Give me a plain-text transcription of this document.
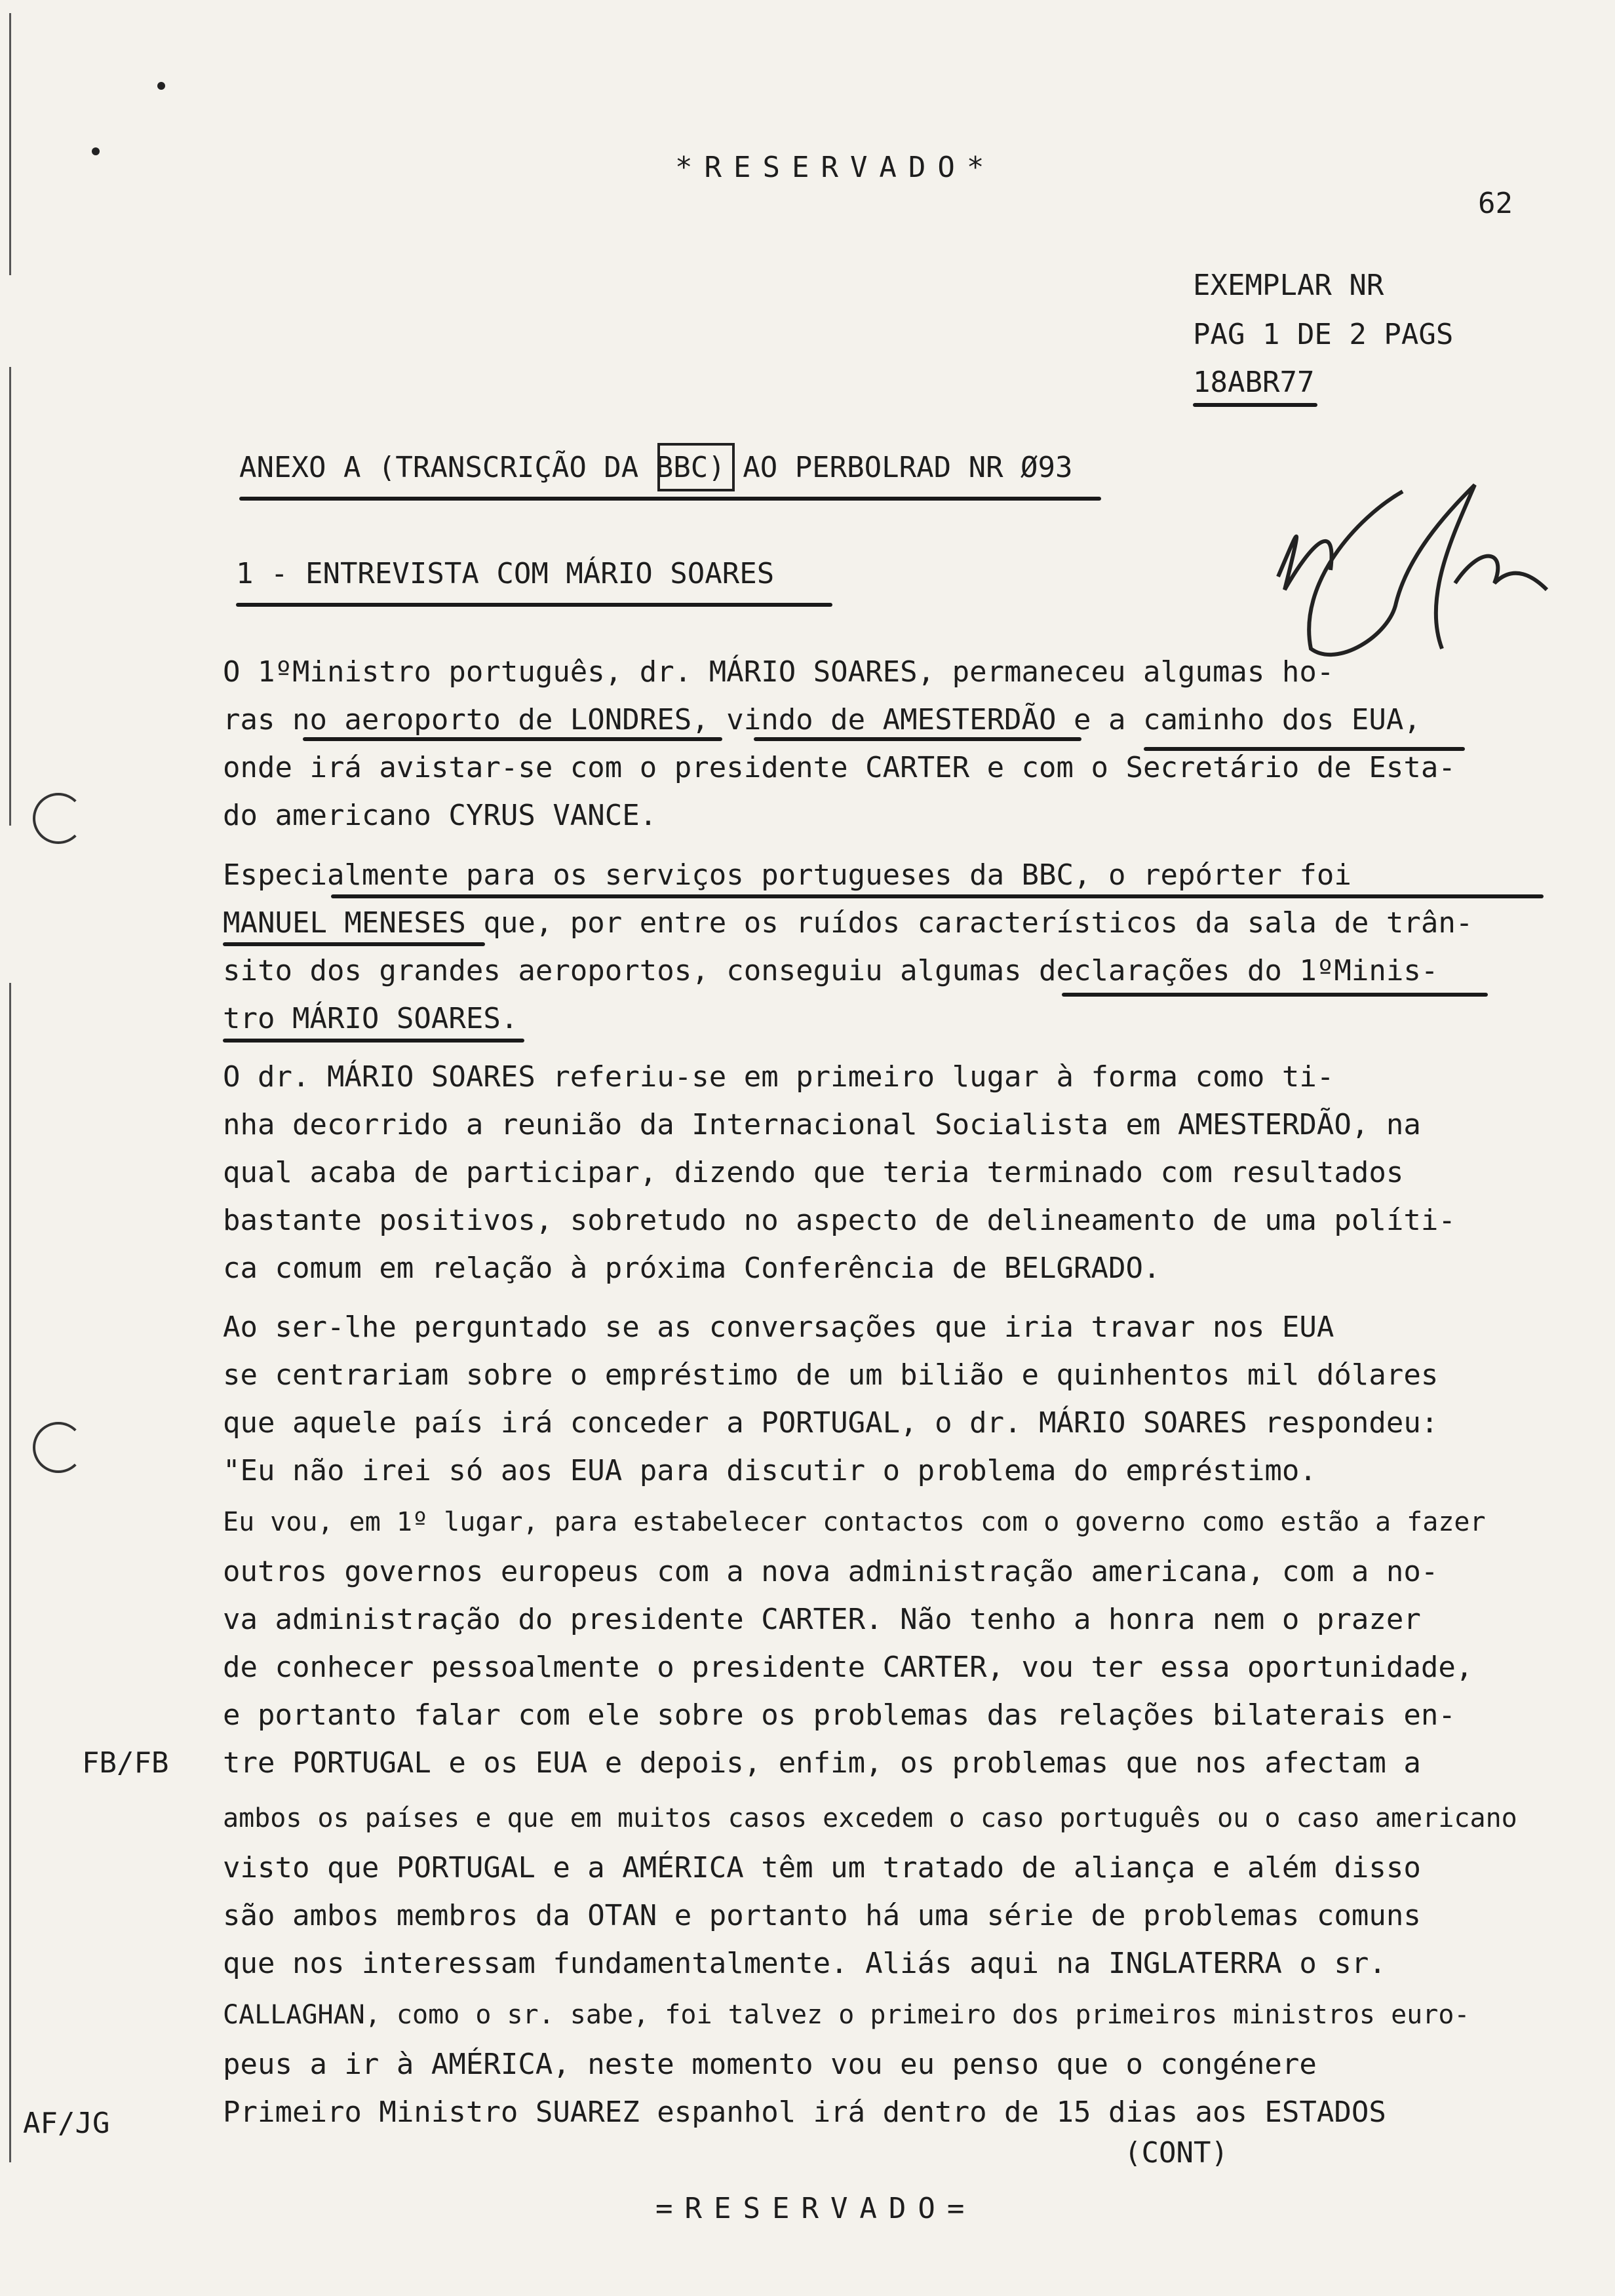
*RESERVADO*
62
EXEMPLAR NR
PAG 1 DE 2 PAGS
18ABR77
ANEXO A (TRANSCRIÇÃO DA BBC) AO PERBOLRAD NR Ø93
1 - ENTREVISTA COM MÁRIO SOARES
O 1ºMinistro português, dr. MÁRIO SOARES, permaneceu algumas ho-
ras no aeroporto de LONDRES, vindo de AMESTERDÃO e a caminho dos EUA,
onde irá avistar-se com o presidente CARTER e com o Secretário de Esta-
do americano CYRUS VANCE.
Especialmente para os serviços portugueses da BBC, o repórter foi
MANUEL MENESES que, por entre os ruídos característicos da sala de trân-
sito dos grandes aeroportos, conseguiu algumas declarações do 1ºMinis-
tro MÁRIO SOARES.
O dr. MÁRIO SOARES referiu-se em primeiro lugar à forma como ti-
nha decorrido a reunião da Internacional Socialista em AMESTERDÃO, na
qual acaba de participar, dizendo que teria terminado com resultados
bastante positivos, sobretudo no aspecto de delineamento de uma políti-
ca comum em relação à próxima Conferência de BELGRADO.
Ao ser-lhe perguntado se as conversações que iria travar nos EUA
se centrariam sobre o empréstimo de um bilião e quinhentos mil dólares
que aquele país irá conceder a PORTUGAL, o dr. MÁRIO SOARES respondeu:
"Eu não irei só aos EUA para discutir o problema do empréstimo.
Eu vou, em 1º lugar, para estabelecer contactos com o governo como estão a fazer
outros governos europeus com a nova administração americana, com a no-
va administração do presidente CARTER. Não tenho a honra nem o prazer
de conhecer pessoalmente o presidente CARTER, vou ter essa oportunidade,
e portanto falar com ele sobre os problemas das relações bilaterais en-
tre PORTUGAL e os EUA e depois, enfim, os problemas que nos afectam a
ambos os países e que em muitos casos excedem o caso português ou o caso americano
visto que PORTUGAL e a AMÉRICA têm um tratado de aliança e além disso
são ambos membros da OTAN e portanto há uma série de problemas comuns
que nos interessam fundamentalmente. Aliás aqui na INGLATERRA o sr.
CALLAGHAN, como o sr. sabe, foi talvez o primeiro dos primeiros ministros euro-
peus a ir à AMÉRICA, neste momento vou eu penso que o congénere
Primeiro Ministro SUAREZ espanhol irá dentro de 15 dias aos ESTADOS
FB/FB
AF/JG
(CONT)
=RESERVADO=
